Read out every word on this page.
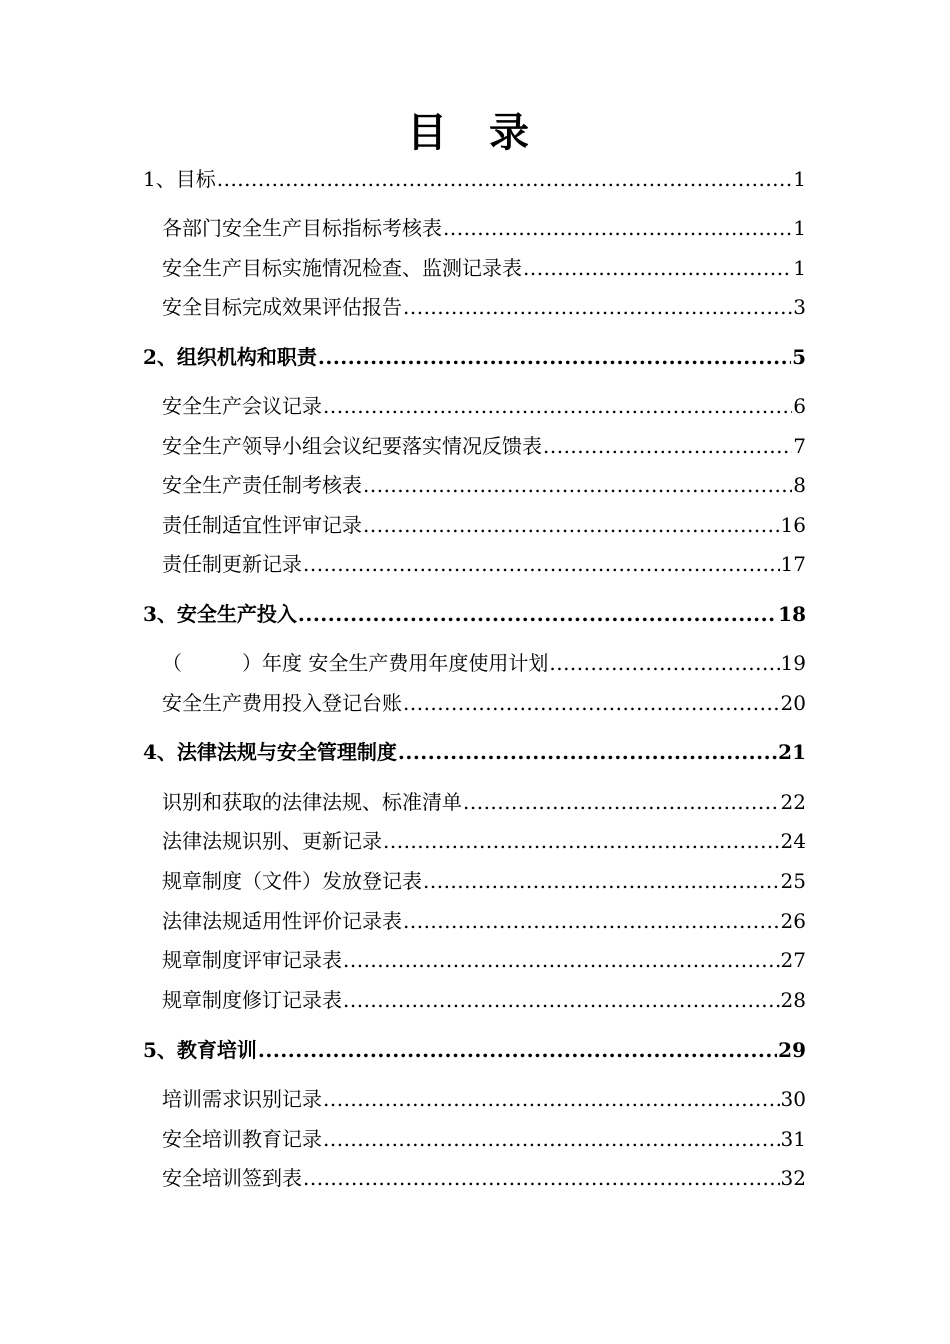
目 录
1、目标 .....	1
各部门安全生产目标指标考核表 .....	1
安全生产目标实施情况检查、监测记录表 .....	1
安全目标完成效果评估报告 .....	3
2、组织机构和职责 .....	5
安全生产会议记录 .....	6
安全生产领导小组会议纪要落实情况反馈表 .....	7
安全生产责任制考核表 .....	8
责任制适宜性评审记录 .....	16
责任制更新记录 .....	17
3、安全生产投入 .....	18
（　　　）年度 安全生产费用年度使用计划 .....	19
安全生产费用投入登记台账 .....	20
4、法律法规与安全管理制度 .....	21
识别和获取的法律法规、标准清单 .....	22
法律法规识别、更新记录 .....	24
规章制度（文件）发放登记表 .....	25
法律法规适用性评价记录表 .....	26
规章制度评审记录表 .....	27
规章制度修订记录表 .....	28
5、教育培训 .....	29
培训需求识别记录 .....	30
安全培训教育记录 .....	31
安全培训签到表 .....	32
